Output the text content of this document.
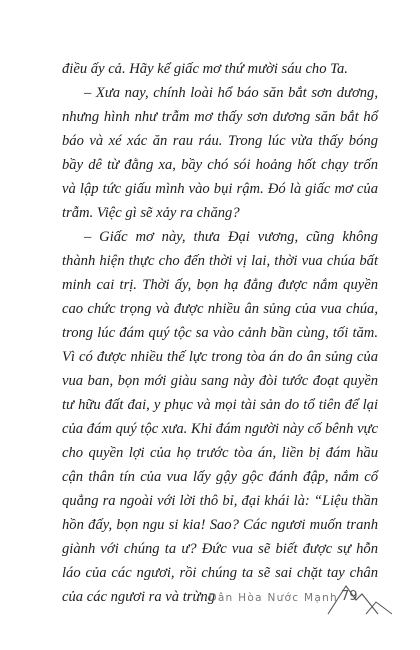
điều ấy cả. Hãy kể giấc mơ thứ mười sáu cho Ta.

– Xưa nay, chính loài hổ báo săn bắt sơn dương, nhưng hình như trẫm mơ thấy sơn dương săn bắt hổ báo và xé xác ăn rau ráu. Trong lúc vừa thấy bóng bầy dê từ đằng xa, bầy chó sói hoảng hốt chạy trốn và lập tức giấu mình vào bụi rậm. Đó là giấc mơ của trẫm. Việc gì sẽ xảy ra chăng?

– Giấc mơ này, thưa Đại vương, cũng không thành hiện thực cho đến thời vị lai, thời vua chúa bất minh cai trị. Thời ấy, bọn hạ đẳng được nắm quyền cao chức trọng và được nhiều ân sủng của vua chúa, trong lúc đám quý tộc sa vào cảnh bần cùng, tối tăm. Vì có được nhiều thế lực trong tòa án do ân sủng của vua ban, bọn mới giàu sang này đòi tước đoạt quyền tư hữu đất đai, y phục và mọi tài sản do tổ tiên để lại của đám quý tộc xưa. Khi đám người này cố bênh vực cho quyền lợi của họ trước tòa án, liền bị đám hầu cận thân tín của vua lấy gậy gộc đánh đập, nắm cổ quẳng ra ngoài với lời thô bỉ, đại khái là: “Liệu thần hồn đấy, bọn ngu si kia! Sao? Các ngươi muốn tranh giành với chúng ta ư? Đức vua sẽ biết được sự hỗn láo của các ngươi, rồi chúng ta sẽ sai chặt tay chân của các ngươi ra và trừng

Dân Hòa Nước Mạnh 79
